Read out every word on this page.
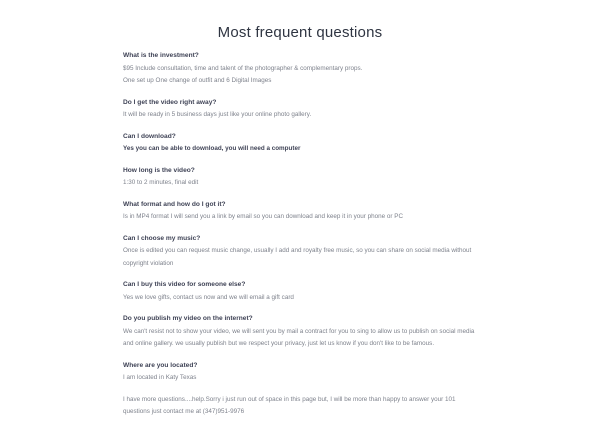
Most frequent questions

What is the investment?

$95 Include consultation, time and talent of the photographer & complementary props.

One set up One change of outfit and 6 Digital Images

Do I get the video right away?

It will be ready in 5 business days just like your online photo gallery.

Can I download?

Yes you can be able to download, you will need a computer

How long is the video?

1:30 to 2 minutes, final edit

What format and how do I got it?

Is in MP4 format I will send you a link by email so you can download and keep it in your phone or PC

Can I choose my music?

Once is edited you can request music change, usually I add and royalty free music, so you can share on social media without copyright violation

Can I buy this video for someone else?

Yes we love gifts, contact us now and we will email a gift card

Do you publish my video on the internet?

We can't resist not to show your video, we will sent you by mail a contract for you to sing to allow us to publish on social media and online gallery. we usually publish but we respect your privacy, just let us know if you don't like to be famous.

Where are you located?

I am located in Katy Texas

I have more questions....help.Sorry i just run out of space in this page but, I will be more than happy to answer your 101 questions just contact me at (347)951-9976
